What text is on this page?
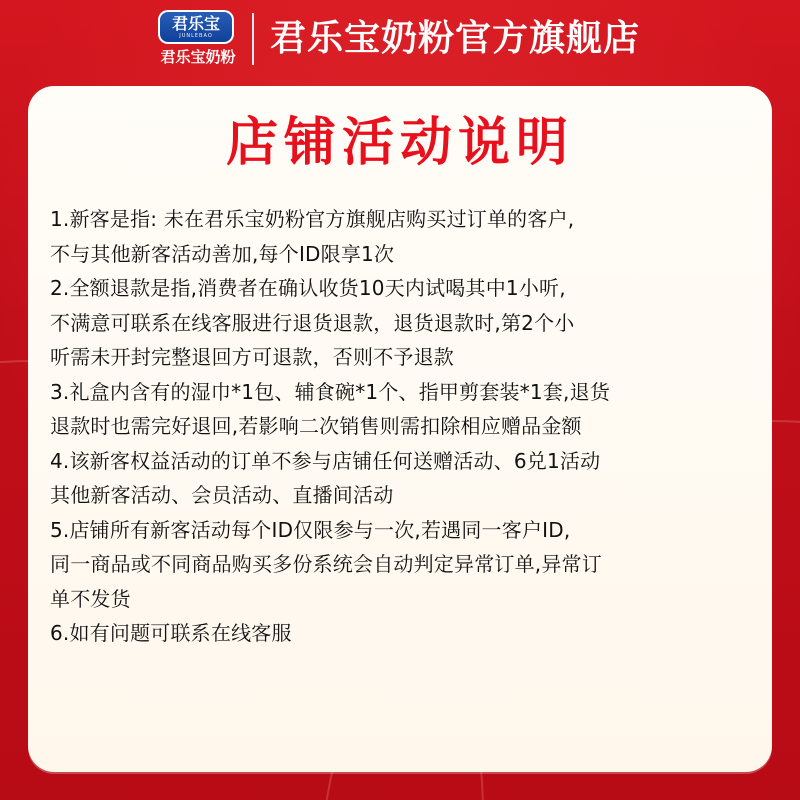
君乐宝
JUNLEBAO
君乐宝奶粉 君乐宝奶粉官方旗舰店
店铺活动说明
1.新客是指: 未在君乐宝奶粉官方旗舰店购买过订单的客户,
不与其他新客活动善加,每个ID限享1次
2.全额退款是指,消费者在确认收货10天内试喝其中1小听,
不满意可联系在线客服进行退货退款，退货退款时,第2个小
听需未开封完整退回方可退款，否则不予退款
3.礼盒内含有的湿巾*1包、辅食碗*1个、指甲剪套装*1套,退货
退款时也需完好退回,若影响二次销售则需扣除相应赠品金额
4.该新客权益活动的订单不参与店铺任何送赠活动、6兑1活动
其他新客活动、会员活动、直播间活动
5.店铺所有新客活动每个ID仅限参与一次,若遇同一客户ID,
同一商品或不同商品购买多份系统会自动判定异常订单,异常订
单不发货
6.如有问题可联系在线客服
